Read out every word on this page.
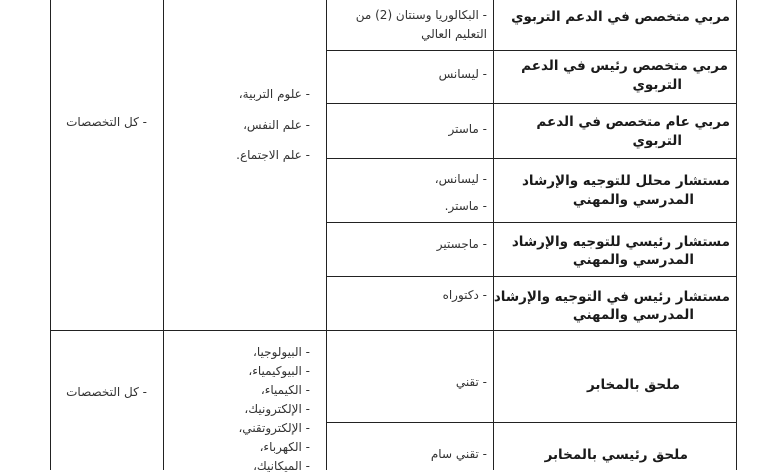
مربي متخصص في الدعم التربوي
- البكالوريا وسنتان (2) من
التعليم العالي
مربي متخصص رئيس في الدعم
التربوي
- ليسانس
مربي عام متخصص في الدعم
التربوي
- ماستر
مستشار محلل للتوجيه والإرشاد
المدرسي والمهني
- ليسانس،
- ماستر.
مستشار رئيسي للتوجيه والإرشاد
المدرسي والمهني
- ماجستير
مستشار رئيس في التوجيه والإرشاد
المدرسي والمهني
- دكتوراه
ملحق بالمخابر
- تقني
ملحق رئيسي بالمخابر
- تقني سام
- علوم التربية،
- علم النفس،
- علم الاجتماع.
- كل التخصصات
- البيولوجيا،
- البيوكيمياء،
- الكيمياء،
- الإلكترونيك،
- الإلكتروتقني،
- الكهرباء،
- الميكانيك،
- كل التخصصات
